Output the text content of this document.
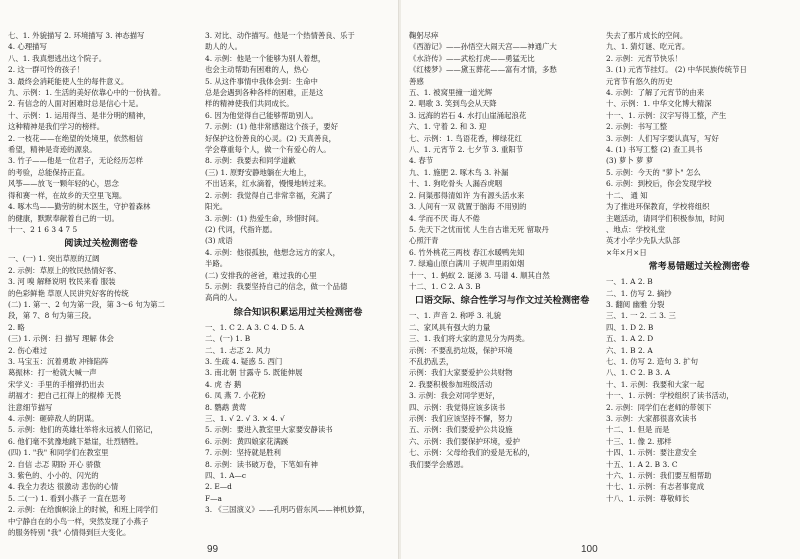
七、1. 外貌描写 2. 环境描写 3. 神态描写
4. 心理描写
八、1. 我真想逃出这个院子。
2. 这一群可怜的孩子！
3. 最终会消耗能使人生的每件意义。
九、示例：1. 生活的美好依靠心中的一份执着。
2. 有信念的人面对困难时总是信心十足。
十、示例：1. 运用得当、是非分明的精神，
这种精神是我们学习的榜样。
2. 一枝花——在绝望的处境里，依然相信
希望，精神是奇迹的源泉。
3. 竹子——他是一位君子，无论经历怎样
的考验，总能保持正直。
风筝——放飞一颗年轻的心，思念
得和赛一样，在故乡的天空里飞翔。
4. 啄木鸟——勤劳的树木医生，守护着森林
的健康，默默奉献着自己的一切。
十一、2 1 6 3 4 7 5
阅读过关检测密卷
一、(一) 1. 突出草原的辽阔
2. 示例：草原上的牧民热情好客、
3. 河 嗅 解释说明 牧民来看 服装
的色彩鲜艳 草原人民讲究好客的传统
(二) 1. 第一、2 句为第一段，第 3～6 句为第二
段，第 7、8 句为第三段。
2. 略
(三) 1. 示例：扫 描写 理解 体会
2. 伤心难过
3. 马宝玉：沉着勇敢 冲锋陷阵
葛振林：打一枪就大喊一声
宋学义：手里的手榴弹扔出去
胡福才：把自己扛得上的棍棒 无畏
注意细节描写
4. 示例：砸碎敌人的阴谋。
5. 示例：他们的英雄壮举将永远被人们铭记，
6. 他们毫不犹豫地跳下悬崖，壮烈牺牲。
(四) 1. "我" 和同学们在教室里
2. 自信 忐忑 期盼 开心 骄傲
3. 紫色的、小小的、闪光的
4. 我全力表达 很激动 悲伤的心情
5. 二(一) 1. 看到小燕子 一直在思考
2. 示例：在给旗帜涂上的时候，和班上同学们
中宁静自在的小鸟一样，突然发现了小燕子
的服务特别 "我" 心情得到巨大变化。
3. 对比、动作描写。他是一个热情善良、乐于
助人的人。
4. 示例：他是一个能够为别人着想，
也会主动帮助有困难的人，热心
5. 从这件事情中我体会到：生命中
总是会遇到各种各样的困难，正是这
样的精神使我们共同成长。
6. 因为他觉得自己能够帮助别人。
7. 示例：(1) 他非常感谢这个孩子，要好
好保护这份善良的心灵。(2) 天真善良，
学会尊重每个人，做一个有爱心的人。
8. 示例：我要去和同学道歉
(三) 1. 原野安静地躺在大地上，
不出话来，红水滴着，慢慢地转过来。
2. 示例：我觉得自己非常幸福，充满了
阳光。
3. 示例：(1) 热爱生命，珍惜时间。
(2) 代词，代指许愿。
(3) 成语
4. 示例：他很孤独，他想念远方的家人，
半路。
(二) 安排我的爸爸，难过我的心里
5. 示例：我要坚持自己的信念，做一个品德
高尚的人。
综合知识积累运用过关检测密卷
一、1. C 2. A 3. C 4. D 5. A
二、(一) 1. B
二、1. 忐忑 2. 风力
3. 生疏 4. 疑惑 5. 西门
3. 南北朝 甘露寺 5. 既能伸展
4. 虎 杏 鹅
6. 凤 燕 7. 小花粉
8. 鹦鹉 黄莺
三、1. √ 2. √ 3. × 4. √
5. 示例：要进入教室里大家要安静读书
6. 示例：黄四娘家花满蹊
7. 示例：坚持就是胜利
8. 示例：读书破万卷，下笔如有神
四、1. A—c
2. E—d
F—a
3. 《三国演义》——孔明巧借东风——神机妙算，
99
鞠躬尽瘁
《西游记》——孙悟空大闹天宫——神通广大
《水浒传》——武松打虎——勇猛无比
《红楼梦》——黛玉葬花——富有才情，多愁
善感
五、1. 被窝里撞一道光辉
2. 唱歌 3. 笑到鸟会从天降
3. 远海的岩石 4. 水打山崖涌起浪花
六、1. 守着 2. 和 3. 迎
七、示例：1. 鸟语花香，柳绿花红
八、1. 元宵节 2. 七夕节 3. 重阳节
4. 春节
九、1. 施肥 2. 啄木鸟 3. 补漏
十、1. 狗吃骨头 人漏吞虎咽
2. 问渠那得清如许 为有源头活水来
3. 人间有一双 就置于脑海 不用别的
4. 学而不厌 诲人不倦
5. 先天下之忧而忧 人生自古谁无死 留取丹
心照汗青
6. 竹外桃花三两枝 春江水暖鸭先知
7. 绿遍山原白满川 子规声里雨如烟
十一、1. 蚂蚁 2. 诞涕 3. 马谱 4. 顺其自然
十二、1. C 2. A 3. B
口语交际、综合性学习与作文过关检测密卷
一、1. 声音 2. 称呼 3. 礼貌
二、家风具有强大的力量
三、1. 我们将大家的意见分为两类。
示例：不要乱扔垃圾，保护环境
不乱扔乱丢，
示例：我们大家要爱护公共财物
2. 我要积极参加班级活动
3. 示例：我会对同学更好，
四、示例：我觉得应该多读书
示例：我们应该坚持不懈，努力
五、示例：我们要爱护公共设施
六、示例：我们要保护环境，爱护
七、示例：父母给我们的爱是无私的，
我们要学会感恩。
失去了那片成长的空间。
九、1. 猜灯谜、吃元宵。
2. 示例：元宵节快乐！
3. (1) 元宵节挂灯。 (2) 中华民族传统节日
元宵节有悠久的历史
4. 示例：了解了元宵节的由来
十、示例：1. 中华文化博大精深
十一、1. 示例：汉字写得工整，产生
2. 示例：书写工整
3. 示例：人们写字要认真写，写好
4. (1) 书写工整 (2) 查工具书
(3) 萝卜 萝 萝
5. 示例：今天的 "萝卜" 怎么
6. 示例：到校后，你会发现学校
十二、 通 知
为了推进环保教育，学校将组织
主题活动，请同学们积极参加，时间
、地点：学校礼堂
英才小学少先队大队部
×年×月×日
常考易错题过关检测密卷
一、1. A 2. B
二、1. 仿写 2. 摘抄
3. 翻阅 幽雅 分裂
三、1. 一 2. 二 3. 三
四、1. D 2. B
五、1. A 2. D
六、1. B 2. A
七、1. 仿写 2. 造句 3. 扩句
八、1. C 2. B 3. A
十、1. 示例：我要和大家一起
十一、1. 示例：学校组织了读书活动，
2. 示例：同学们在老师的带领下
3. 示例：大家都很喜欢读书
十二、1. 但是 而是
十三、1. 像 2. 那样
十四、1. 示例：要注意安全
十五、1. A 2. B 3. C
十六、1. 示例：我们要互相帮助
十七、1. 示例：有志者事竟成
十八、1. 示例：尊敬师长
100
